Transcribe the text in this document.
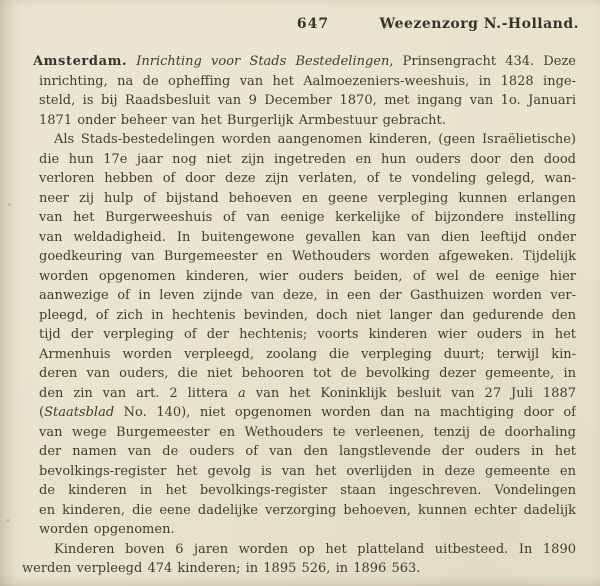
647	Weezenzorg N.-Holland.
Amsterdam. Inrichting voor Stads Bestedelingen, Prinsengracht 434. Deze
inrichting, na de opheffing van het Aalmoezeniers-weeshuis, in 1828 inge-
steld, is bij Raadsbesluit van 9 December 1870, met ingang van 1o. Januari
1871 onder beheer van het Burgerlijk Armbestuur gebracht.
Als Stads-bestedelingen worden aangenomen kinderen, (geen Israëlietische)
die hun 17e jaar nog niet zijn ingetreden en hun ouders door den dood
verloren hebben of door deze zijn verlaten, of te vondeling gelegd, wan-
neer zij hulp of bijstand behoeven en geene verpleging kunnen erlangen
van het Burgerweeshuis of van eenige kerkelijke of bijzondere instelling
van weldadigheid. In buitengewone gevallen kan van dien leeftijd onder
goedkeuring van Burgemeester en Wethouders worden afgeweken. Tijdelijk
worden opgenomen kinderen, wier ouders beiden, of wel de eenige hier
aanwezige of in leven zijnde van deze, in een der Gasthuizen worden ver-
pleegd, of zich in hechtenis bevinden, doch niet langer dan gedurende den
tijd der verpleging of der hechtenis; voorts kinderen wier ouders in het
Armenhuis worden verpleegd, zoolang die verpleging duurt; terwijl kin-
deren van ouders, die niet behooren tot de bevolking dezer gemeente, in
den zin van art. 2 littera a van het Koninklijk besluit van 27 Juli 1887
(Staatsblad No. 140), niet opgenomen worden dan na machtiging door of
van wege Burgemeester en Wethouders te verleenen, tenzij de doorhaling
der namen van de ouders of van den langstlevende der ouders in het
bevolkings-register het gevolg is van het overlijden in deze gemeente en
de kinderen in het bevolkings-register staan ingeschreven. Vondelingen
en kinderen, die eene dadelijke verzorging behoeven, kunnen echter dadelijk
worden opgenomen.
Kinderen boven 6 jaren worden op het platteland uitbesteed. In 1890
werden verpleegd 474 kinderen; in 1895 526, in 1896 563.
